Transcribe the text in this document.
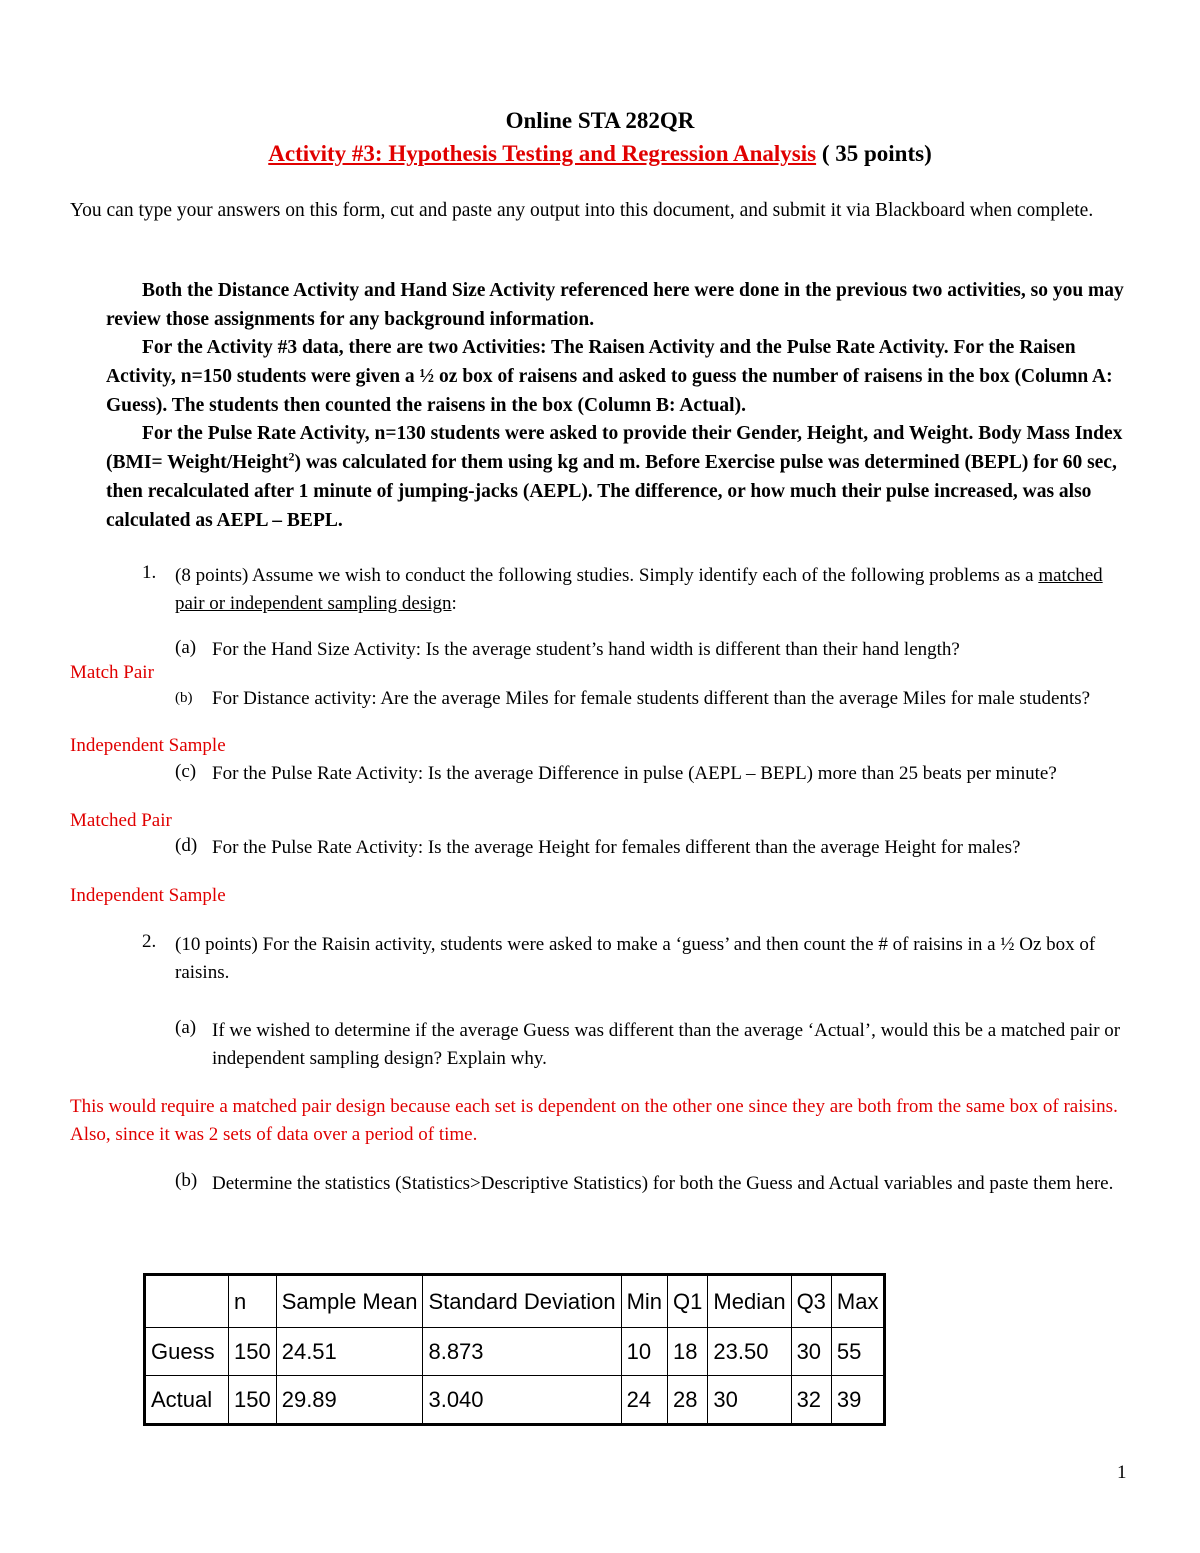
Online STA 282QR
Activity #3: Hypothesis Testing and Regression Analysis ( 35 points)

You can type your answers on this form, cut and paste any output into this document, and submit it via Blackboard when complete.

Both the Distance Activity and Hand Size Activity referenced here were done in the previous two activities, so you may review those assignments for any background information.

For the Activity #3 data, there are two Activities: The Raisen Activity and the Pulse Rate Activity. For the Raisen Activity, n=150 students were given a ½ oz box of raisens and asked to guess the number of raisens in the box (Column A: Guess). The students then counted the raisens in the box (Column B: Actual).

For the Pulse Rate Activity, n=130 students were asked to provide their Gender, Height, and Weight. Body Mass Index (BMI= Weight/Height$^2$) was calculated for them using kg and m. Before Exercise pulse was determined (BEPL) for 60 sec, then recalculated after 1 minute of jumping-jacks (AEPL). The difference, or how much their pulse increased, was also calculated as AEPL – BEPL.

1. (8 points) Assume we wish to conduct the following studies. Simply identify each of the following problems as a matched pair or independent sampling design:

(a) For the Hand Size Activity: Is the average student’s hand width is different than their hand length?

Match Pair
(b) For Distance activity: Are the average Miles for female students different than the average Miles for male students?

Independent Sample
(c) For the Pulse Rate Activity: Is the average Difference in pulse (AEPL – BEPL) more than 25 beats per minute?

Matched Pair
(d) For the Pulse Rate Activity: Is the average Height for females different than the average Height for males?

Independent Sample
2. (10 points) For the Raisin activity, students were asked to make a ‘guess’ and then count the # of raisins in a ½ Oz box of raisins.

(a) If we wished to determine if the average Guess was different than the average ‘Actual’, would this be a matched pair or independent sampling design? Explain why.

This would require a matched pair design because each set is dependent on the other one since they are both from the same box of raisins. Also, since it was 2 sets of data over a period of time.

(b) Determine the statistics (Statistics>Descriptive Statistics) for both the Guess and Actual variables and paste them here.

	n	Sample Mean	Standard Deviation	Min	Q1	Median	Q3	Max
Guess	150	24.51	8.873	10	18	23.50	30	55
Actual	150	29.89	3.040	24	28	30	32	39
1
